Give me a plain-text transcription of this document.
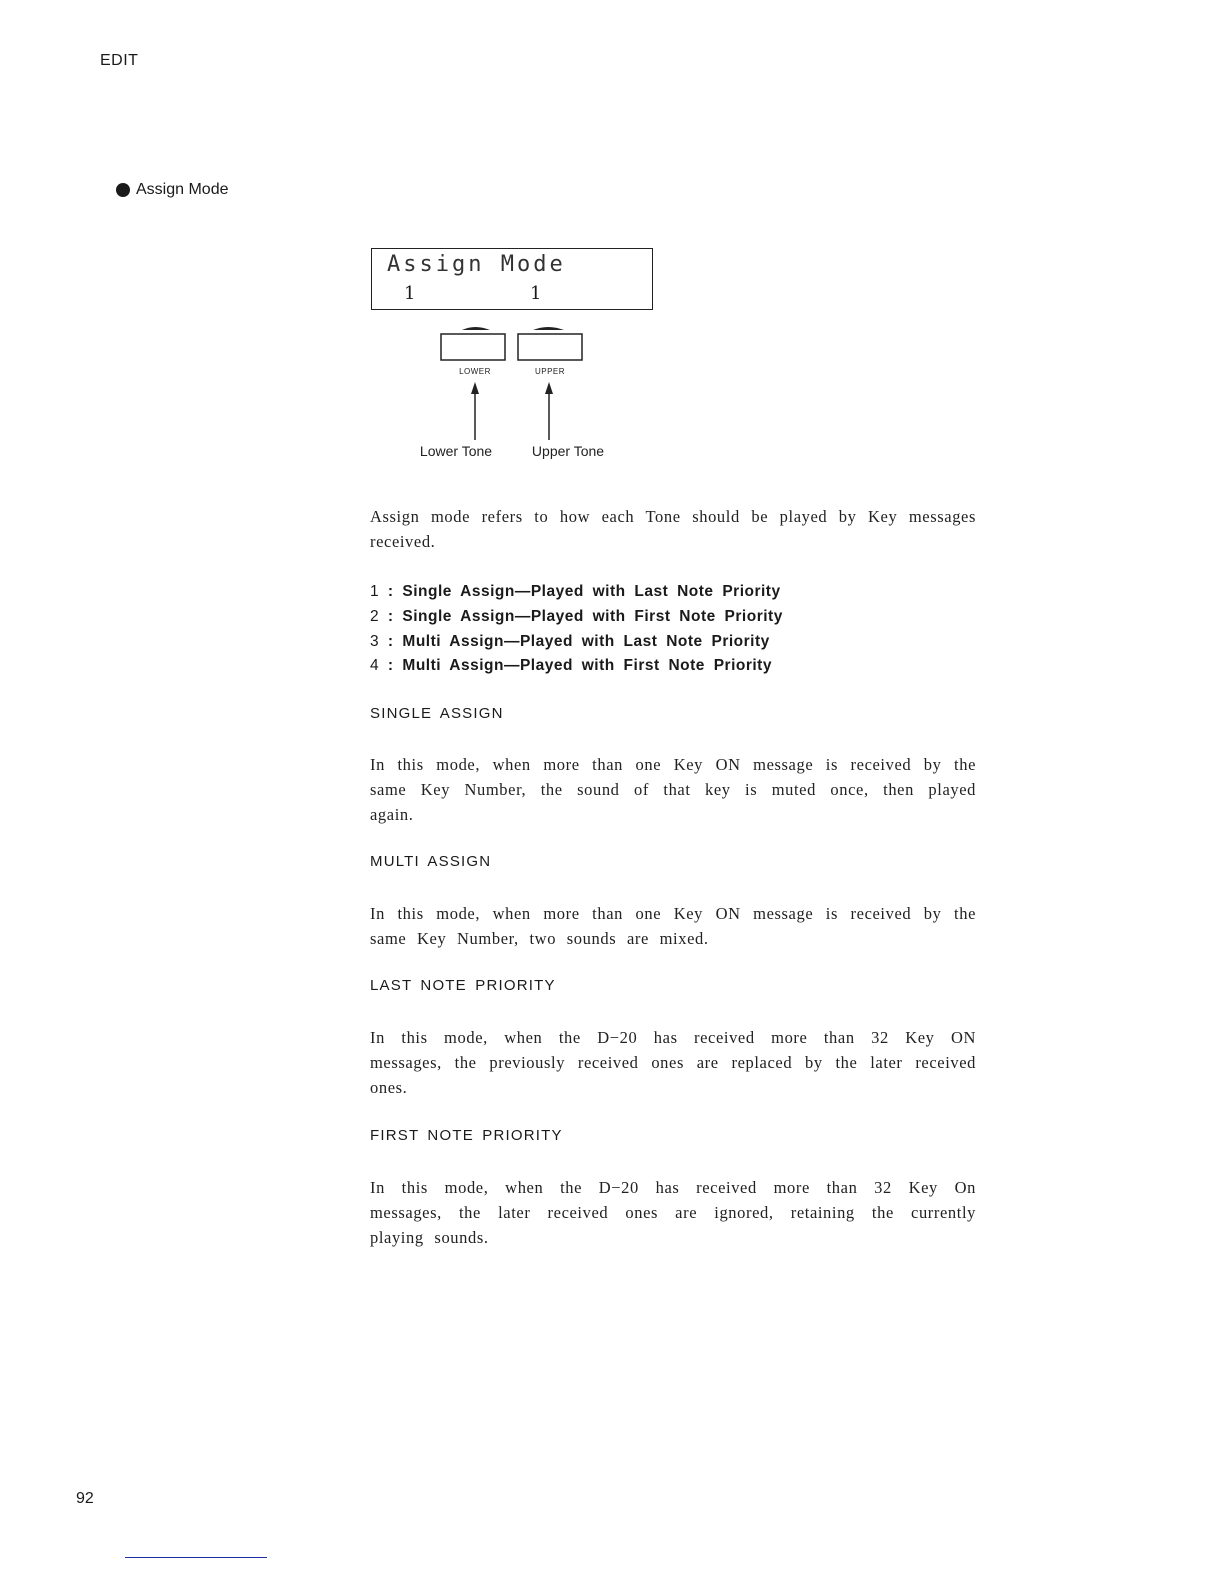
EDIT
Assign Mode
Assign Mode
1	1
LOWER	UPPER
Lower Tone	Upper Tone

Assign mode refers to how each Tone should be played by Key messages received.

1 : Single Assign—Played with Last Note Priority
2 : Single Assign—Played with First Note Priority
3 : Multi Assign—Played with Last Note Priority
4 : Multi Assign—Played with First Note Priority
SINGLE ASSIGN

In this mode, when more than one Key ON message is received by the same Key Number, the sound of that key is muted once, then played again.

MULTI ASSIGN

In this mode, when more than one Key ON message is received by the same Key Number, two sounds are mixed.

LAST NOTE PRIORITY

In this mode, when the D−20 has received more than 32 Key ON messages, the previously received ones are replaced by the later received ones.

FIRST NOTE PRIORITY

In this mode, when the D−20 has received more than 32 Key On messages, the later received ones are ignored, retaining the currently playing sounds.

92
